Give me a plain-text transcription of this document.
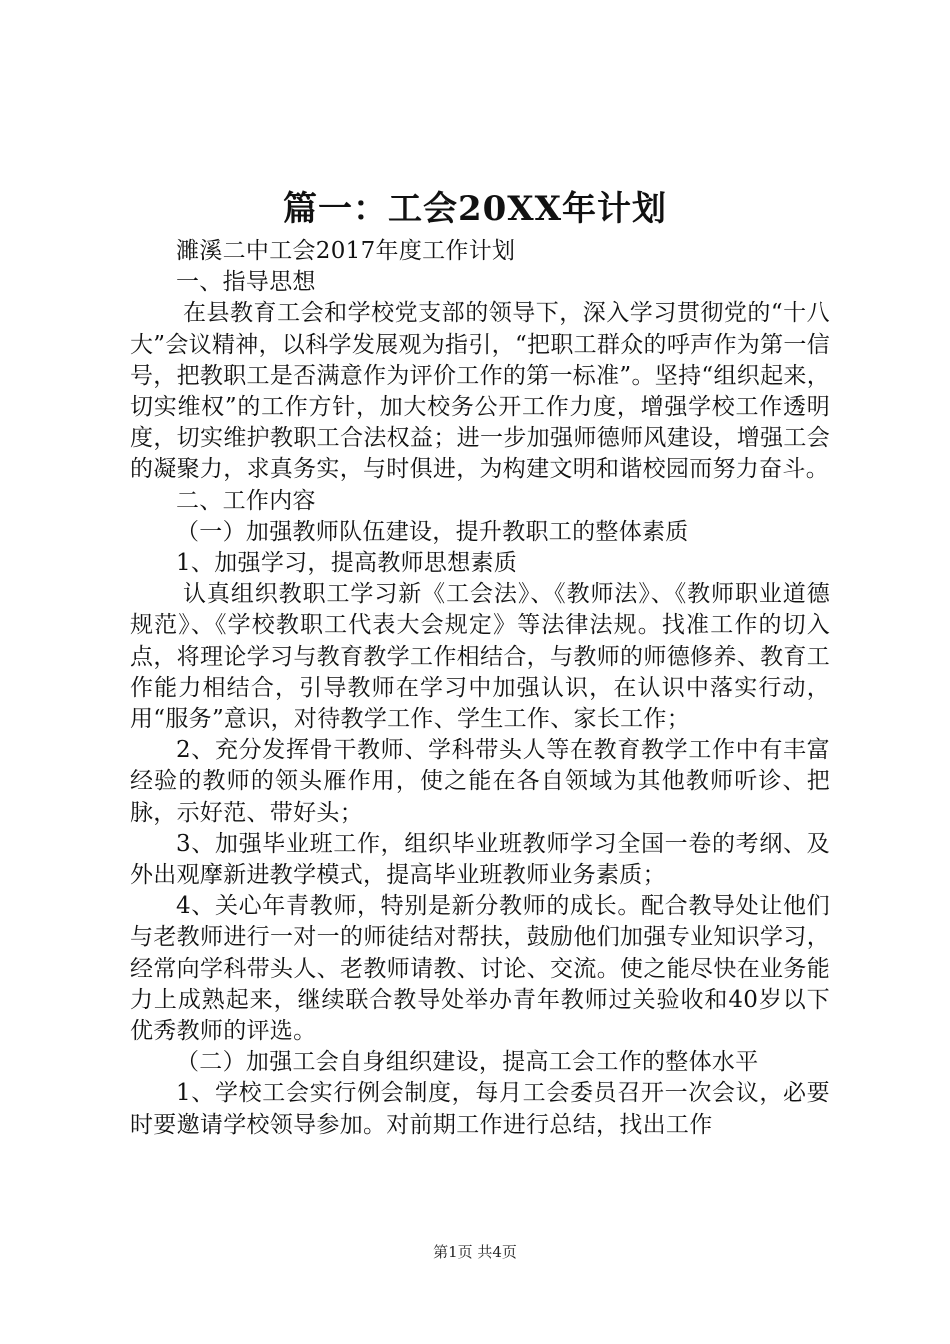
篇一：工会20XX年计划

濉溪二中工会2017年度工作计划

一、指导思想

在县教育工会和学校党支部的领导下，深入学习贯彻党的“十八大”会议精神，以科学发展观为指引，“把职工群众的呼声作为第一信号，把教职工是否满意作为评价工作的第一标准”。坚持“组织起来，切实维权”的工作方针，加大校务公开工作力度，增强学校工作透明度，切实维护教职工合法权益；进一步加强师德师风建设，增强工会的凝聚力，求真务实，与时俱进，为构建文明和谐校园而努力奋斗。

二、工作内容

（一）加强教师队伍建设，提升教职工的整体素质

1、加强学习，提高教师思想素质

认真组织教职工学习新《工会法》、《教师法》、《教师职业道德规范》、《学校教职工代表大会规定》等法律法规。找准工作的切入点，将理论学习与教育教学工作相结合，与教师的师德修养、教育工作能力相结合，引导教师在学习中加强认识，在认识中落实行动，用“服务”意识，对待教学工作、学生工作、家长工作；

2、充分发挥骨干教师、学科带头人等在教育教学工作中有丰富经验的教师的领头雁作用，使之能在各自领域为其他教师听诊、把脉，示好范、带好头；

3、加强毕业班工作，组织毕业班教师学习全国一卷的考纲、及外出观摩新进教学模式，提高毕业班教师业务素质；

4、关心年青教师，特别是新分教师的成长。配合教导处让他们与老教师进行一对一的师徒结对帮扶，鼓励他们加强专业知识学习，经常向学科带头人、老教师请教、讨论、交流。使之能尽快在业务能力上成熟起来，继续联合教导处举办青年教师过关验收和40岁以下优秀教师的评选。

（二）加强工会自身组织建设，提高工会工作的整体水平

1、学校工会实行例会制度，每月工会委员召开一次会议，必要时要邀请学校领导参加。对前期工作进行总结，找出工作

第1页 共4页
